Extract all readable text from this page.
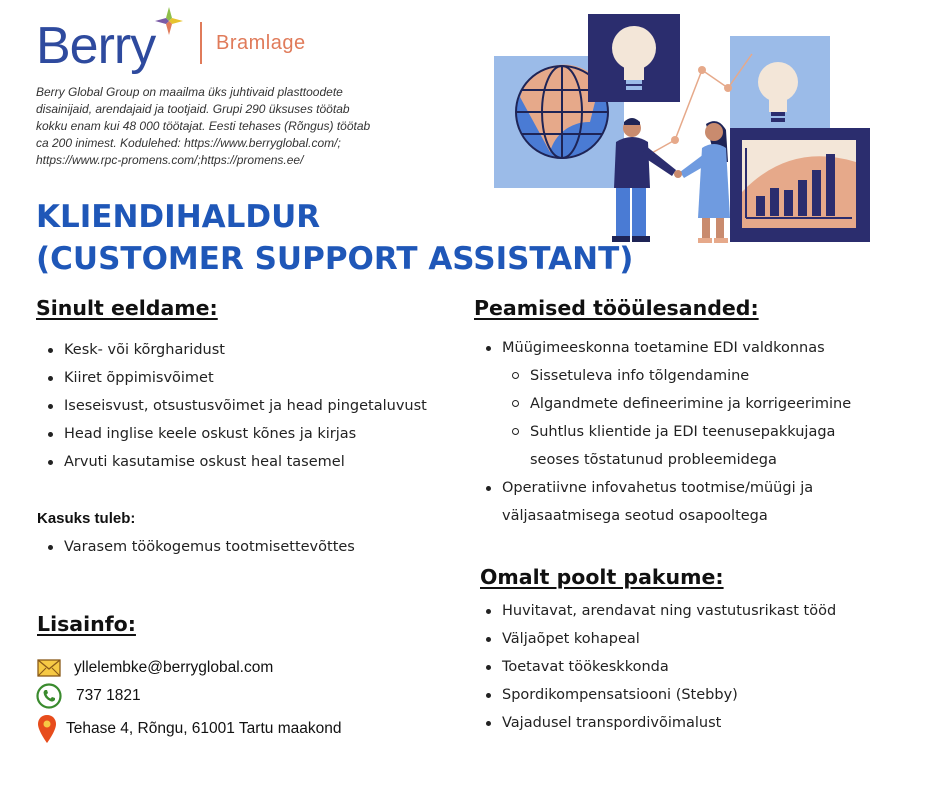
Berry	Bramlage
Berry Global Group on maailma üks juhtivaid plasttoodete
disainijaid, arendajaid ja tootjaid. Grupi 290 üksuses töötab
kokku enam kui 48 000 töötajat. Eesti tehases (Rõngus) töötab
ca 200 inimest. Kodulehed: https://www.berryglobal.com/;
https://www.rpc-promens.com/;https://promens.ee/
KLIENDIHALDUR
(CUSTOMER SUPPORT ASSISTANT)
Sinult eeldame:
Kesk- või kõrgharidust
Kiiret õppimisvõimet
Iseseisvust, otsustusvõimet ja head pingetaluvust
Head inglise keele oskust kõnes ja kirjas
Arvuti kasutamise oskust heal tasemel
Kasuks tuleb:
Varasem töökogemus tootmisettevõttes
Lisainfo:
yllelembke@berryglobal.com
737 1821
Tehase 4, Rõngu, 61001 Tartu maakond
Peamised tööülesanded:
Müügimeeskonna toetamine EDI valdkonnas
Sissetuleva info tõlgendamine
Algandmete defineerimine ja korrigeerimine
Suhtlus klientide ja EDI teenusepakkujaga
seoses tõstatunud probleemidega
Operatiivne infovahetus tootmise/müügi ja
väljasaatmisega seotud osapooltega
Omalt poolt pakume:
Huvitavat, arendavat ning vastutusrikast tööd
Väljaõpet kohapeal
Toetavat töökeskkonda
Spordikompensatsiooni (Stebby)
Vajadusel transpordivõimalust
